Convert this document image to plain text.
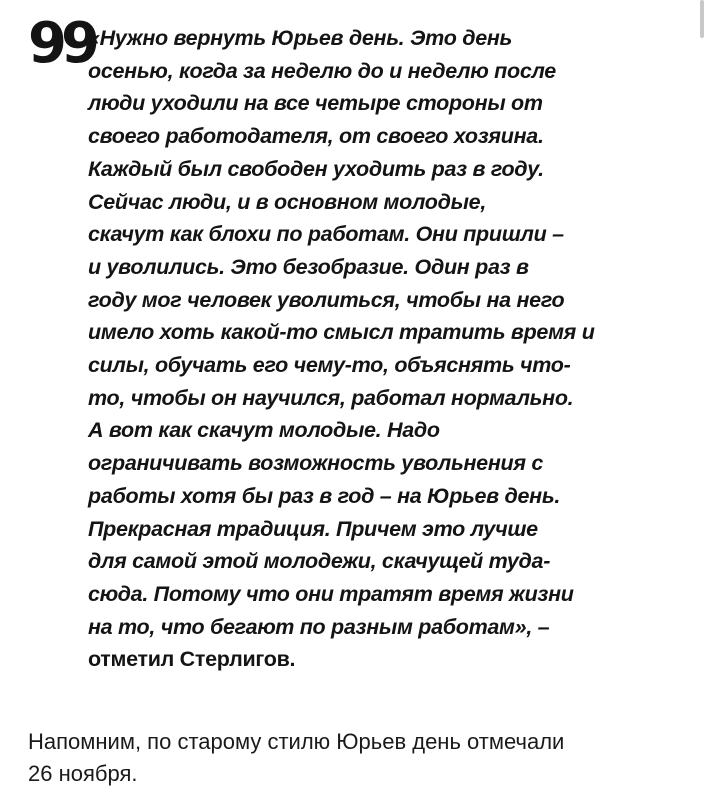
99

«Нужно вернуть Юрьев день. Это день
осенью, когда за неделю до и неделю после
люди уходили на все четыре стороны от
своего работодателя, от своего хозяина.
Каждый был свободен уходить раз в году.
Сейчас люди, и в основном молодые,
скачут как блохи по работам. Они пришли –
и уволились. Это безобразие. Один раз в
году мог человек уволиться, чтобы на него
имело хоть какой-то смысл тратить время и
силы, обучать его чему-то, объяснять что-
то, чтобы он научился, работал нормально.
А вот как скачут молодые. Надо
ограничивать возможность увольнения с
работы хотя бы раз в год – на Юрьев день.
Прекрасная традиция. Причем это лучше
для самой этой молодежи, скачущей туда-
сюда. Потому что они тратят время жизни
на то, что бегают по разным работам», –
отметил Стерлигов.

Напомним, по старому стилю Юрьев день отмечали
26 ноября.
